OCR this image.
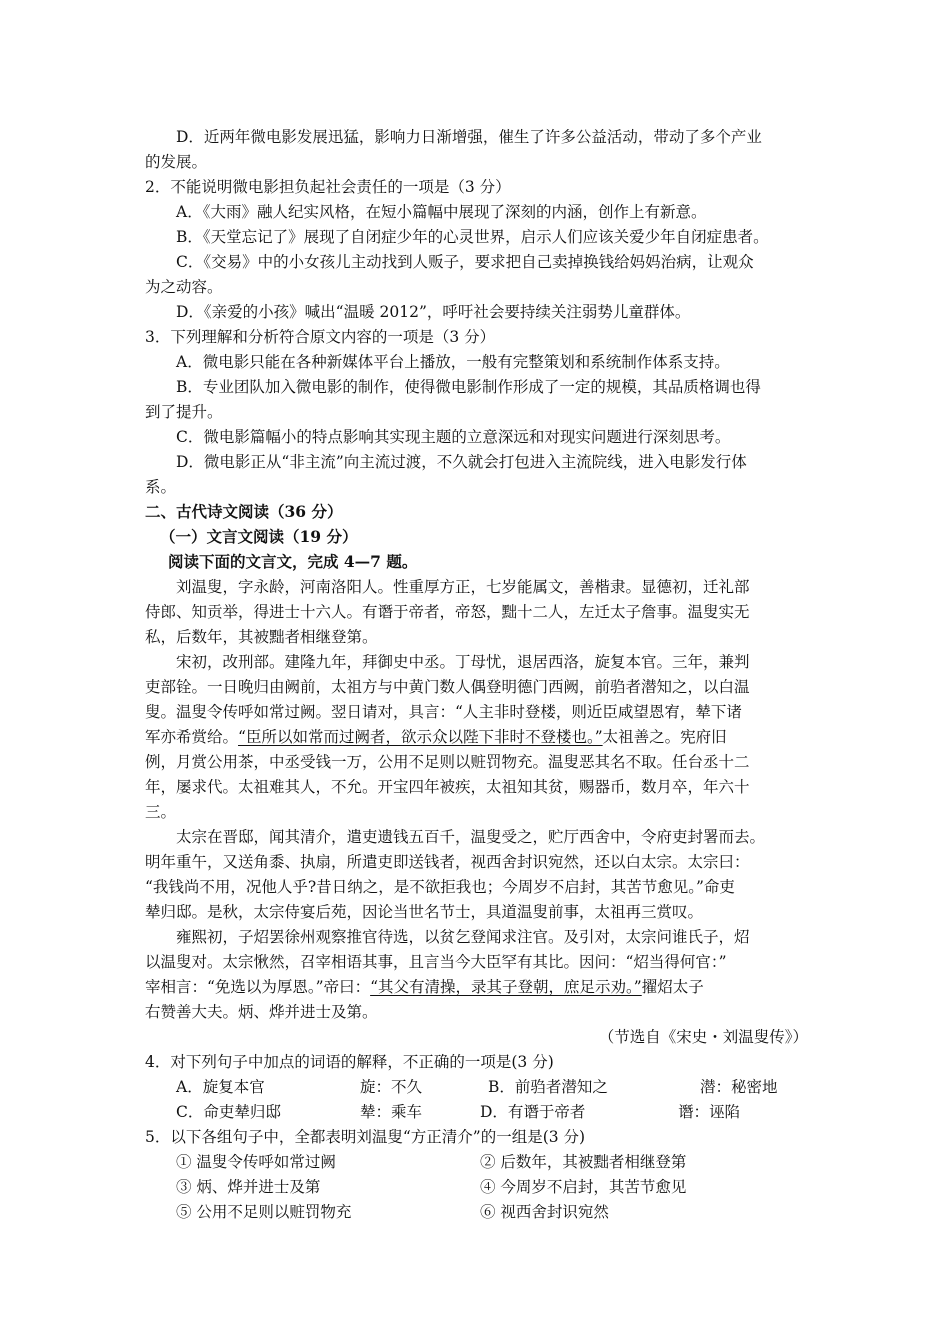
D．近两年微电影发展迅猛，影响力日渐增强，催生了许多公益活动，带动了多个产业
的发展。
2．不能说明微电影担负起社会责任的一项是（3 分）
A．《大雨》融人纪实风格，在短小篇幅中展现了深刻的内涵，创作上有新意。
B．《天堂忘记了》展现了自闭症少年的心灵世界，启示人们应该关爱少年自闭症患者。
C．《交易》中的小女孩儿主动找到人贩子，要求把自己卖掉换钱给妈妈治病，让观众
为之动容。
D．《亲爱的小孩》喊出“温暖 2012”，呼吁社会要持续关注弱势儿童群体。
3．下列理解和分析符合原文内容的一项是（3 分）
A．微电影只能在各种新媒体平台上播放，一般有完整策划和系统制作体系支持。
B．专业团队加入微电影的制作，使得微电影制作形成了一定的规模，其品质格调也得
到了提升。
C．微电影篇幅小的特点影响其实现主题的立意深远和对现实问题进行深刻思考。
D．微电影正从“非主流”向主流过渡，不久就会打包进入主流院线，进入电影发行体
系。
二、古代诗文阅读（36 分）
（一）文言文阅读（19 分）
阅读下面的文言文，完成 4—7 题。
刘温叟，字永龄，河南洛阳人。性重厚方正，七岁能属文，善楷隶。显德初，迁礼部
侍郎、知贡举，得进士十六人。有谮于帝者，帝怒，黜十二人，左迁太子詹事。温叟实无
私，后数年，其被黜者相继登第。
宋初，改刑部。建隆九年，拜御史中丞。丁母忧，退居西洛，旋复本官。三年，兼判
吏部铨。一日晚归由阙前，太祖方与中黄门数人偶登明德门西阙，前驺者潜知之，以白温
叟。温叟令传呼如常过阙。翌日请对，具言：“人主非时登楼，则近臣咸望恩宥，辇下诸
军亦希赏给。“臣所以如常而过阙者，欲示众以陛下非时不登楼也。”太祖善之。宪府旧
例，月赏公用茶，中丞受钱一万，公用不足则以赃罚物充。温叟恶其名不取。任台丞十二
年，屡求代。太祖难其人，不允。开宝四年被疾，太祖知其贫，赐器币，数月卒，年六十
三。
太宗在晋邸，闻其清介，遣吏遗钱五百千，温叟受之，贮厅西舍中，令府吏封署而去。
明年重午，又送角黍、执扇，所遣吏即送钱者，视西舍封识宛然，还以白太宗。太宗曰：
“我钱尚不用，况他人乎?昔日纳之，是不欲拒我也；今周岁不启封，其苦节愈见。”命吏
辇归邸。是秋，太宗侍宴后苑，因论当世名节士，具道温叟前事，太祖再三赏叹。
雍熙初，子炤罢徐州观察推官待选，以贫乞登闻求注官。及引对，太宗问谁氏子，炤
以温叟对。太宗愀然，召宰相语其事，且言当今大臣罕有其比。因问：“炤当得何官：”
宰相言：“免选以为厚恩。”帝曰：“其父有清操，录其子登朝，庶足示劝。”擢炤太子
右赞善大夫。炳、烨并进士及第。
（节选自《宋史・刘温叟传》）
4．对下列句子中加点的词语的解释，不正确的一项是(3 分)
A．旋复本官	旋：不久	B．前驺者潜知之	潜：秘密地
C．命吏辇归邸	辇：乘车	D．有谮于帝者	谮：诬陷
5．以下各组句子中，全都表明刘温叟“方正清介”的一组是(3 分)
① 温叟令传呼如常过阙	② 后数年，其被黜者相继登第
③ 炳、烨并进士及第	④ 今周岁不启封，其苦节愈见
⑤ 公用不足则以赃罚物充	⑥ 视西舍封识宛然
